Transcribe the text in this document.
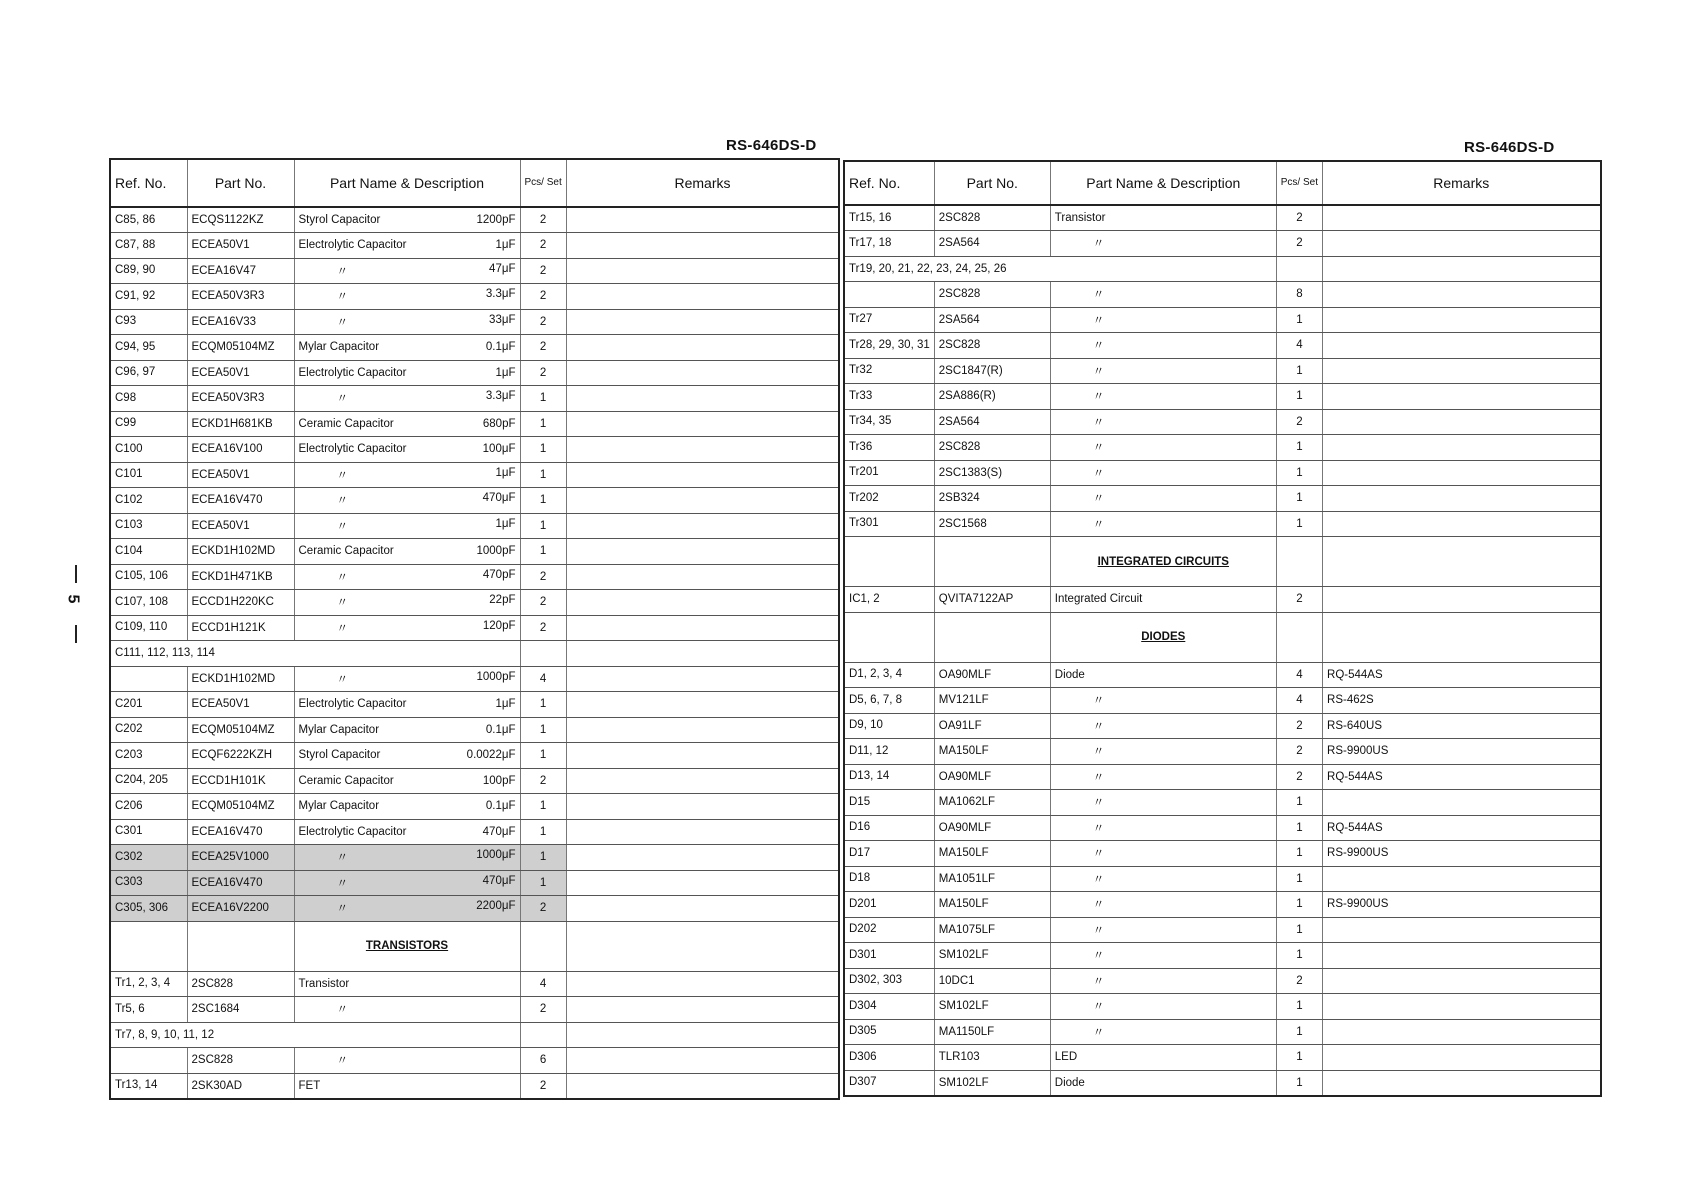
RS-646DS-D	RS-646DS-D
5
Ref. No.	Part No.	Part Name & Description	Pcs/ Set	Remarks
C85, 86	ECQS1122KZ	Styrol Capacitor 1200pF	2	
C87, 88	ECEA50V1	Electrolytic Capacitor 1μF	2	
C89, 90	ECEA16V47	〃 47μF	2	
C91, 92	ECEA50V3R3	〃 3.3μF	2	
C93	ECEA16V33	〃 33μF	2	
C94, 95	ECQM05104MZ	Mylar Capacitor 0.1μF	2	
C96, 97	ECEA50V1	Electrolytic Capacitor 1μF	2	
C98	ECEA50V3R3	〃 3.3μF	1	
C99	ECKD1H681KB	Ceramic Capacitor 680pF	1	
C100	ECEA16V100	Electrolytic Capacitor 100μF	1	
C101	ECEA50V1	〃 1μF	1	
C102	ECEA16V470	〃 470μF	1	
C103	ECEA50V1	〃 1μF	1	
C104	ECKD1H102MD	Ceramic Capacitor 1000pF	1	
C105, 106	ECKD1H471KB	〃 470pF	2	
C107, 108	ECCD1H220KC	〃 22pF	2	
C109, 110	ECCD1H121K	〃 120pF	2	
C111, 112, 113, 114				
	ECKD1H102MD	〃 1000pF	4	
C201	ECEA50V1	Electrolytic Capacitor 1μF	1	
C202	ECQM05104MZ	Mylar Capacitor 0.1μF	1	
C203	ECQF6222KZH	Styrol Capacitor 0.0022μF	1	
C204, 205	ECCD1H101K	Ceramic Capacitor 100pF	2	
C206	ECQM05104MZ	Mylar Capacitor 0.1μF	1	
C301	ECEA16V470	Electrolytic Capacitor 470μF	1	
C302	ECEA25V1000	〃 1000μF	1	
C303	ECEA16V470	〃 470μF	1	
C305, 306	ECEA16V2200	〃 2200μF	2	
		TRANSISTORS		
Tr1, 2, 3, 4	2SC828	Transistor	4	
Tr5, 6	2SC1684	〃	2	
Tr7, 8, 9, 10, 11, 12				
	2SC828	〃	6	
Tr13, 14	2SK30AD	FET	2	
Ref. No.	Part No.	Part Name & Description	Pcs/ Set	Remarks
Tr15, 16	2SC828	Transistor	2	
Tr17, 18	2SA564	〃	2	
Tr19, 20, 21, 22, 23, 24, 25, 26				
	2SC828	〃	8	
Tr27	2SA564	〃	1	
Tr28, 29, 30, 31	2SC828	〃	4	
Tr32	2SC1847(R)	〃	1	
Tr33	2SA886(R)	〃	1	
Tr34, 35	2SA564	〃	2	
Tr36	2SC828	〃	1	
Tr201	2SC1383(S)	〃	1	
Tr202	2SB324	〃	1	
Tr301	2SC1568	〃	1	
		INTEGRATED CIRCUITS		
IC1, 2	QVITA7122AP	Integrated Circuit	2	
		DIODES		
D1, 2, 3, 4	OA90MLF	Diode	4	RQ-544AS
D5, 6, 7, 8	MV121LF	〃	4	RS-462S
D9, 10	OA91LF	〃	2	RS-640US
D11, 12	MA150LF	〃	2	RS-9900US
D13, 14	OA90MLF	〃	2	RQ-544AS
D15	MA1062LF	〃	1	
D16	OA90MLF	〃	1	RQ-544AS
D17	MA150LF	〃	1	RS-9900US
D18	MA1051LF	〃	1	
D201	MA150LF	〃	1	RS-9900US
D202	MA1075LF	〃	1	
D301	SM102LF	〃	1	
D302, 303	10DC1	〃	2	
D304	SM102LF	〃	1	
D305	MA1150LF	〃	1	
D306	TLR103	LED	1	
D307	SM102LF	Diode	1	
